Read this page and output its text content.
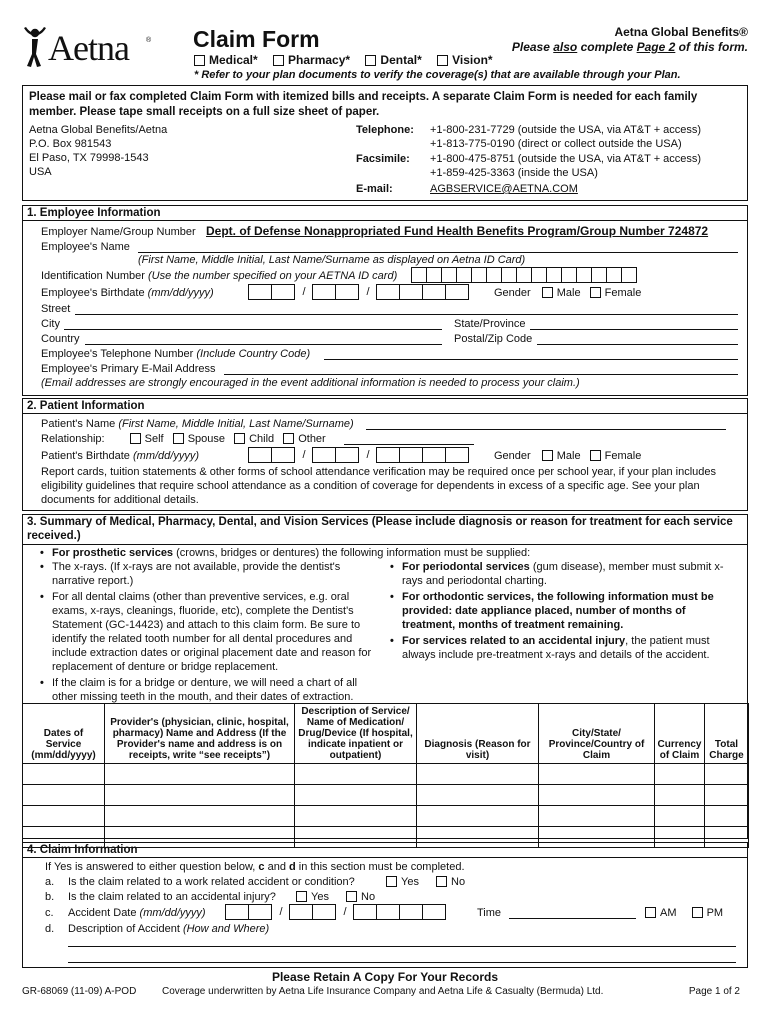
Aetna ® Claim Form	Aetna Global Benefits®
Please also complete Page 2 of this form.
Medical*	Pharmacy*	Dental*	Vision*
* Refer to your plan documents to verify the coverage(s) that are available through your Plan.
Please mail or fax completed Claim Form with itemized bills and receipts. A separate Claim Form is needed for each family member. Please tape small receipts on a full size sheet of paper.
Aetna Global Benefits/Aetna
P.O. Box 981543
El Paso, TX 79998-1543
USA
Telephone: +1-800-231-7729 (outside the USA, via AT&T + access)
+1-813-775-0190 (direct or collect outside the USA)
Facsimile: +1-800-475-8751 (outside the USA, via AT&T + access)
+1-859-425-3363 (inside the USA)
E-mail:	AGBSERVICE@AETNA.COM
1. Employee Information
Employer Name/Group Number Dept. of Defense Nonappropriated Fund Health Benefits Program/Group Number 724872
Employee's Name
(First Name, Middle Initial, Last Name/Surname as displayed on Aetna ID Card)
Identification Number (Use the number specified on your AETNA ID card)
Employee's Birthdate (mm/dd/yyyy)	/	/	Gender Male Female
Street
City	State/Province
Country	Postal/Zip Code
Employee's Telephone Number (Include Country Code)
Employee's Primary E-Mail Address
(Email addresses are strongly encouraged in the event additional information is needed to process your claim.)
2. Patient Information
Patient's Name (First Name, Middle Initial, Last Name/Surname)
Relationship:	Self Spouse Child Other
Patient's Birthdate (mm/dd/yyyy)	/	/	Gender Male Female
Report cards, tuition statements & other forms of school attendance verification may be required once per school year, if your plan includes eligibility guidelines that require school attendance as a condition of coverage for dependents in excess of a specific age. See your plan documents for additional details.
3. Summary of Medical, Pharmacy, Dental, and Vision Services (Please include diagnosis or reason for treatment for each service received.)
• For prosthetic services (crowns, bridges or dentures) the following information must be supplied:
• The x-rays. (If x-rays are not available, provide the dentist's narrative report.)
• For all dental claims (other than preventive services, e.g. oral exams, x-rays, cleanings, fluoride, etc), complete the Dentist's Statement (GC-14423) and attach to this claim form. Be sure to identify the related tooth number for all dental procedures and include extraction dates or original placement date and reason for replacement of denture or bridge replacement.
• If the claim is for a bridge or denture, we will need a chart of all other missing teeth in the mouth, and their dates of extraction.
• For periodontal services (gum disease), member must submit x-rays and periodontal charting.
• For orthodontic services, the following information must be provided: date appliance placed, number of months of treatment, months of treatment remaining.
• For services related to an accidental injury, the patient must always include pre-treatment x-rays and details of the accident.
Dates of Service (mm/dd/yyyy)	Provider's (physician, clinic, hospital, pharmacy) Name and Address (If the Provider's name and address is on receipts, write “see receipts”)	Description of Service/ Name of Medication/ Drug/Device (If hospital, indicate inpatient or outpatient)	Diagnosis (Reason for visit)	City/State/ Province/Country of Claim	Currency of Claim	Total Charge

4. Claim Information
If Yes is answered to either question below, c and d in this section must be completed.
a. Is the claim related to a work related accident or condition?	Yes	No
b. Is the claim related to an accidental injury?	Yes	No
c. Accident Date (mm/dd/yyyy)	/	/	Time	AM	PM
d. Description of Accident (How and Where)
Please Retain A Copy For Your Records
GR-68069 (11-09) A-POD	Coverage underwritten by Aetna Life Insurance Company and Aetna Life & Casualty (Bermuda) Ltd.	Page 1 of 2
